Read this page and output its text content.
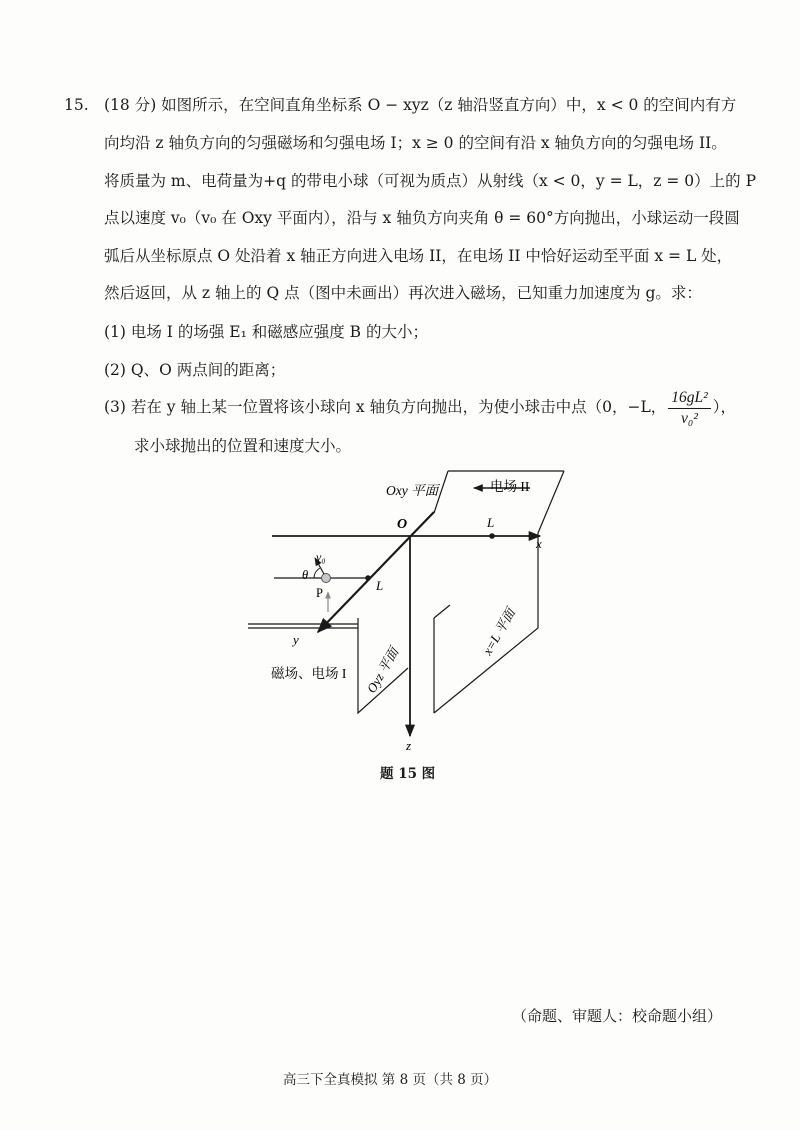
15. (18 分) 如图所示，在空间直角坐标系 O − xyz（z 轴沿竖直方向）中，x < 0 的空间内有方
向均沿 z 轴负方向的匀强磁场和匀强电场 I；x ≥ 0 的空间有沿 x 轴负方向的匀强电场 II。
将质量为 m、电荷量为+q 的带电小球（可视为质点）从射线（x < 0，y = L，z = 0）上的 P
点以速度 v₀（v₀ 在 Oxy 平面内），沿与 x 轴负方向夹角 θ = 60°方向抛出，小球运动一段圆
弧后从坐标原点 O 处沿着 x 轴正方向进入电场 II，在电场 II 中恰好运动至平面 x = L 处，
然后返回，从 z 轴上的 Q 点（图中未画出）再次进入磁场，已知重力加速度为 g。求：
(1) 电场 I 的场强 E₁ 和磁感应强度 B 的大小；
(2) Q、O 两点间的距离；
(3) 若在 y 轴上某一位置将该小球向 x 轴负方向抛出，为使小球击中点（0，−L， $\frac{\text{16gL²}}{\text{v₀²}}$ ），
求小球抛出的位置和速度大小。
Oxy 平面	电场 II
O
x
L
L
y
z
v₀
θ
P
磁场、电场 I Oyz 平面
x=L 平面
题 15 图
（命题、审题人：校命题小组）
高三下全真模拟 第 8 页（共 8 页）
